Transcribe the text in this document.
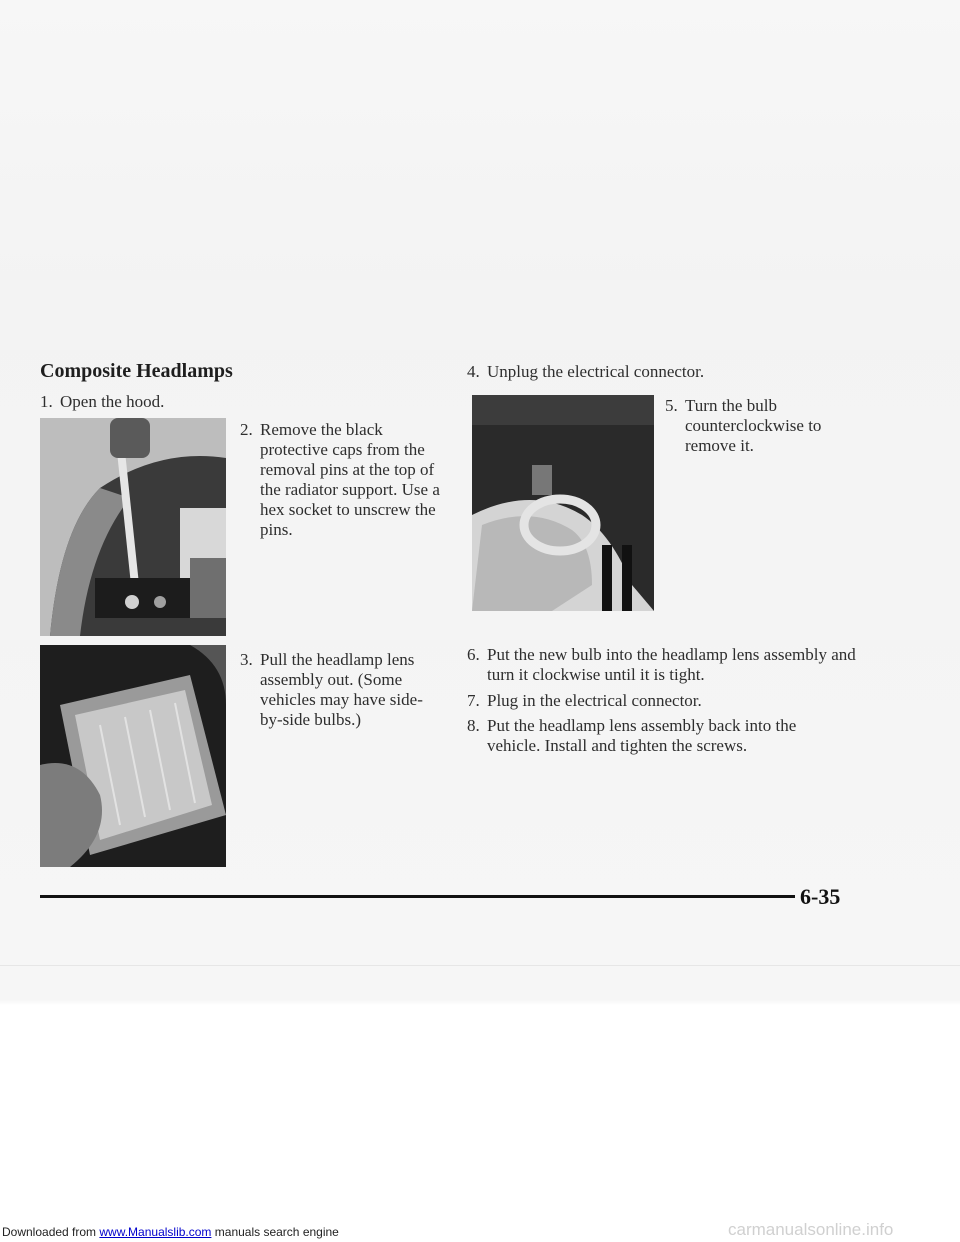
Composite Headlamps
1. Open the hood.
2. Remove the black protective caps from the removal pins at the top of the radiator support. Use a hex socket to unscrew the pins.
3. Pull the headlamp lens assembly out. (Some vehicles may have side-by-side bulbs.)
4. Unplug the electrical connector.
5. Turn the bulb counterclockwise to remove it.
6. Put the new bulb into the headlamp lens assembly and turn it clockwise until it is tight.
7. Plug in the electrical connector.
8. Put the headlamp lens assembly back into the vehicle. Install and tighten the screws.
6-35
Downloaded from www.Manualslib.com manuals search engine	carmanualsonline.info
